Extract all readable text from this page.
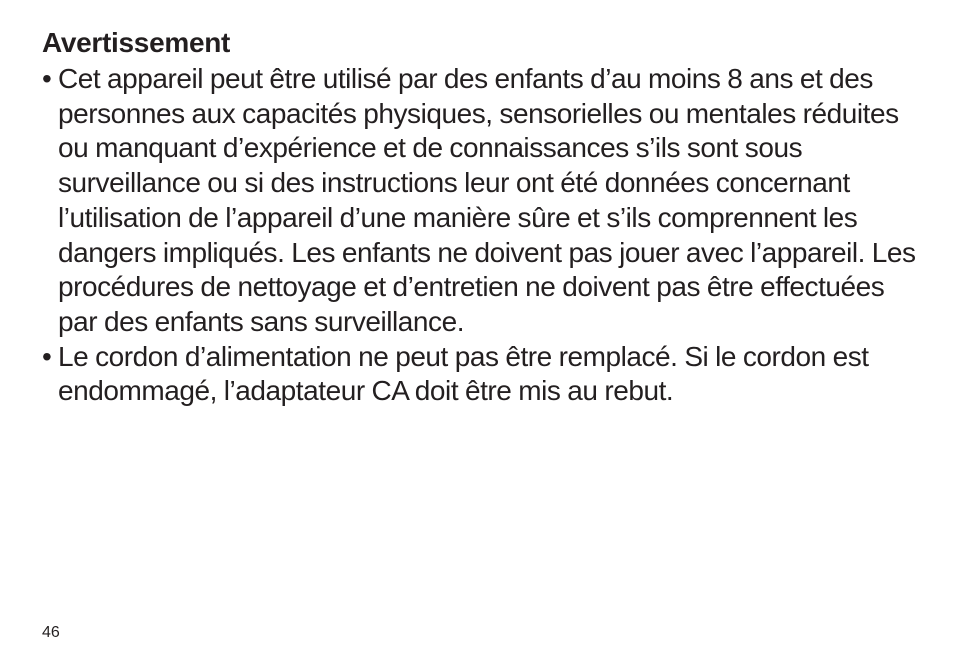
Avertissement
• Cet appareil peut être utilisé par des enfants d’au moins 8 ans et des personnes aux capacités physiques, sensorielles ou mentales réduites ou manquant d’expérience et de connaissances s’ils sont sous surveillance ou si des instructions leur ont été données concernant l’utilisation de l’appareil d’une manière sûre et s’ils comprennent les dangers impliqués. Les enfants ne doivent pas jouer avec l’appareil. Les procédures de nettoyage et d’entretien ne doivent pas être effectuées par des enfants sans surveillance.
• Le cordon d’alimentation ne peut pas être remplacé. Si le cordon est endommagé, l’adaptateur CA doit être mis au rebut.
46
